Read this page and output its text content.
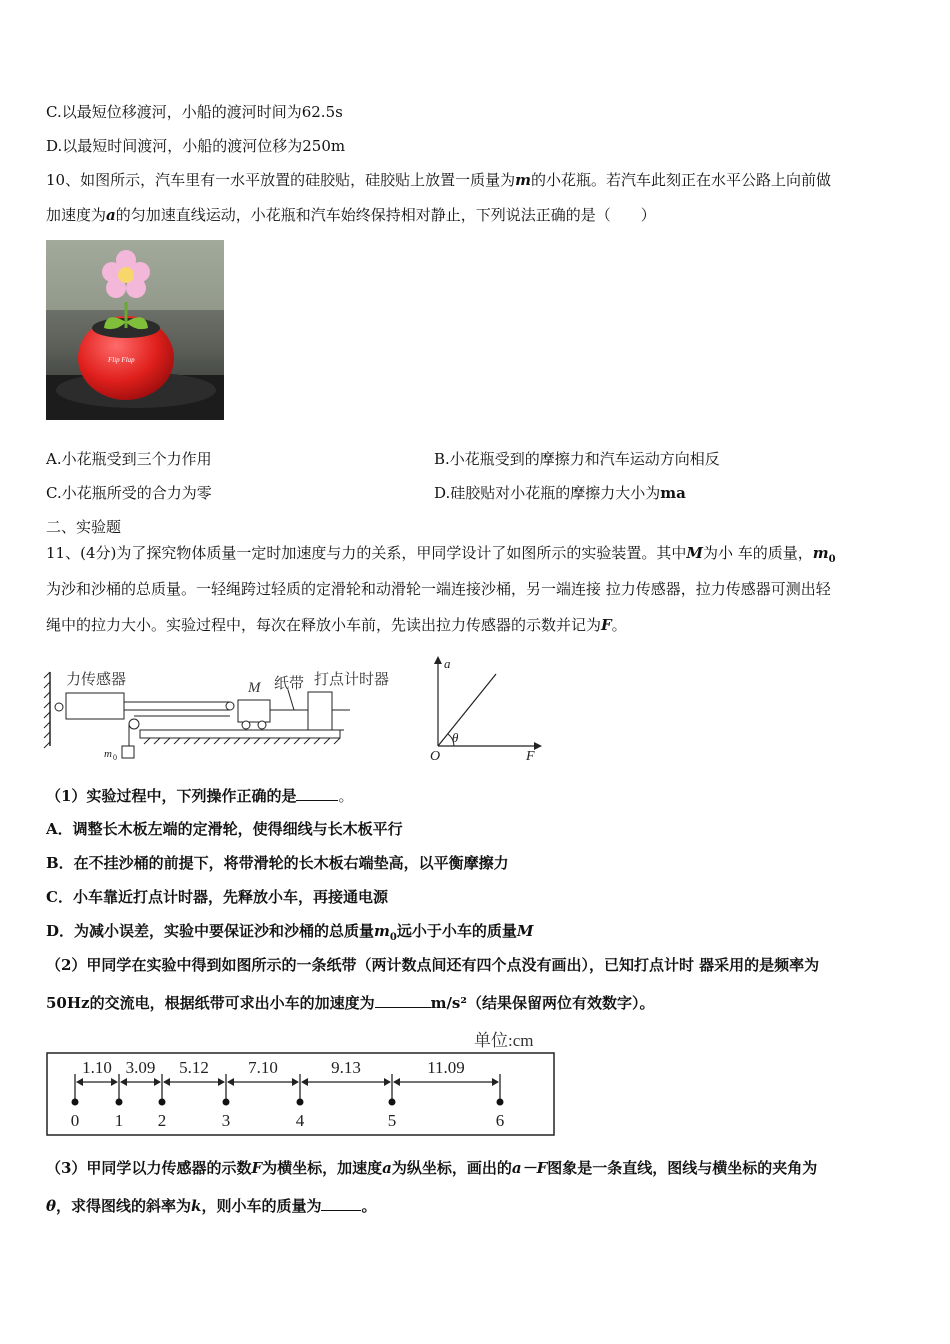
C.以最短位移渡河，小船的渡河时间为62.5s
D.以最短时间渡河，小船的渡河位移为250m
10、如图所示，汽车里有一水平放置的硅胶贴，硅胶贴上放置一质量为m的小花瓶。若汽车此刻正在水平公路上向前做
加速度为a的匀加速直线运动，小花瓶和汽车始终保持相对静止，下列说法正确的是（　　）
Flip Flap
A.小花瓶受到三个力作用	B.小花瓶受到的摩擦力和汽车运动方向相反
C.小花瓶所受的合力为零	D.硅胶贴对小花瓶的摩擦力大小为ma
二、实验题
11、(4分)为了探究物体质量一定时加速度与力的关系，甲同学设计了如图所示的实验装置。其中M为小 车的质量，$m_0$
为沙和沙桶的总质量。一轻绳跨过轻质的定滑轮和动滑轮一端连接沙桶，另一端连接 拉力传感器，拉力传感器可测出轻
绳中的拉力大小。实验过程中，每次在释放小车前，先读出拉力传感器的示数并记为F。
力传感器
m 0
M 纸带 打点计时器
a
θ
O	F
（1）实验过程中，下列操作正确的是	。
A．调整长木板左端的定滑轮，使得细线与长木板平行
B．在不挂沙桶的前提下，将带滑轮的长木板右端垫高，以平衡摩擦力
C．小车靠近打点计时器，先释放小车，再接通电源
D．为减小误差，实验中要保证沙和沙桶的总质量$m_0$远小于小车的质量M
（2）甲同学在实验中得到如图所示的一条纸带（两计数点间还有四个点没有画出），已知打点计时 器采用的是频率为
50Hz的交流电，根据纸带可求出小车的加速度为	m/s²（结果保留两位有效数字）。
单位:cm
0 1 2	3	4	5	6
1.10 3.09 5.12 7.10	9.13	11.09
（3）甲同学以力传感器的示数F为横坐标，加速度a为纵坐标，画出的a－F图象是一条直线，图线与横坐标的夹角为
θ，求得图线的斜率为k，则小车的质量为	。
